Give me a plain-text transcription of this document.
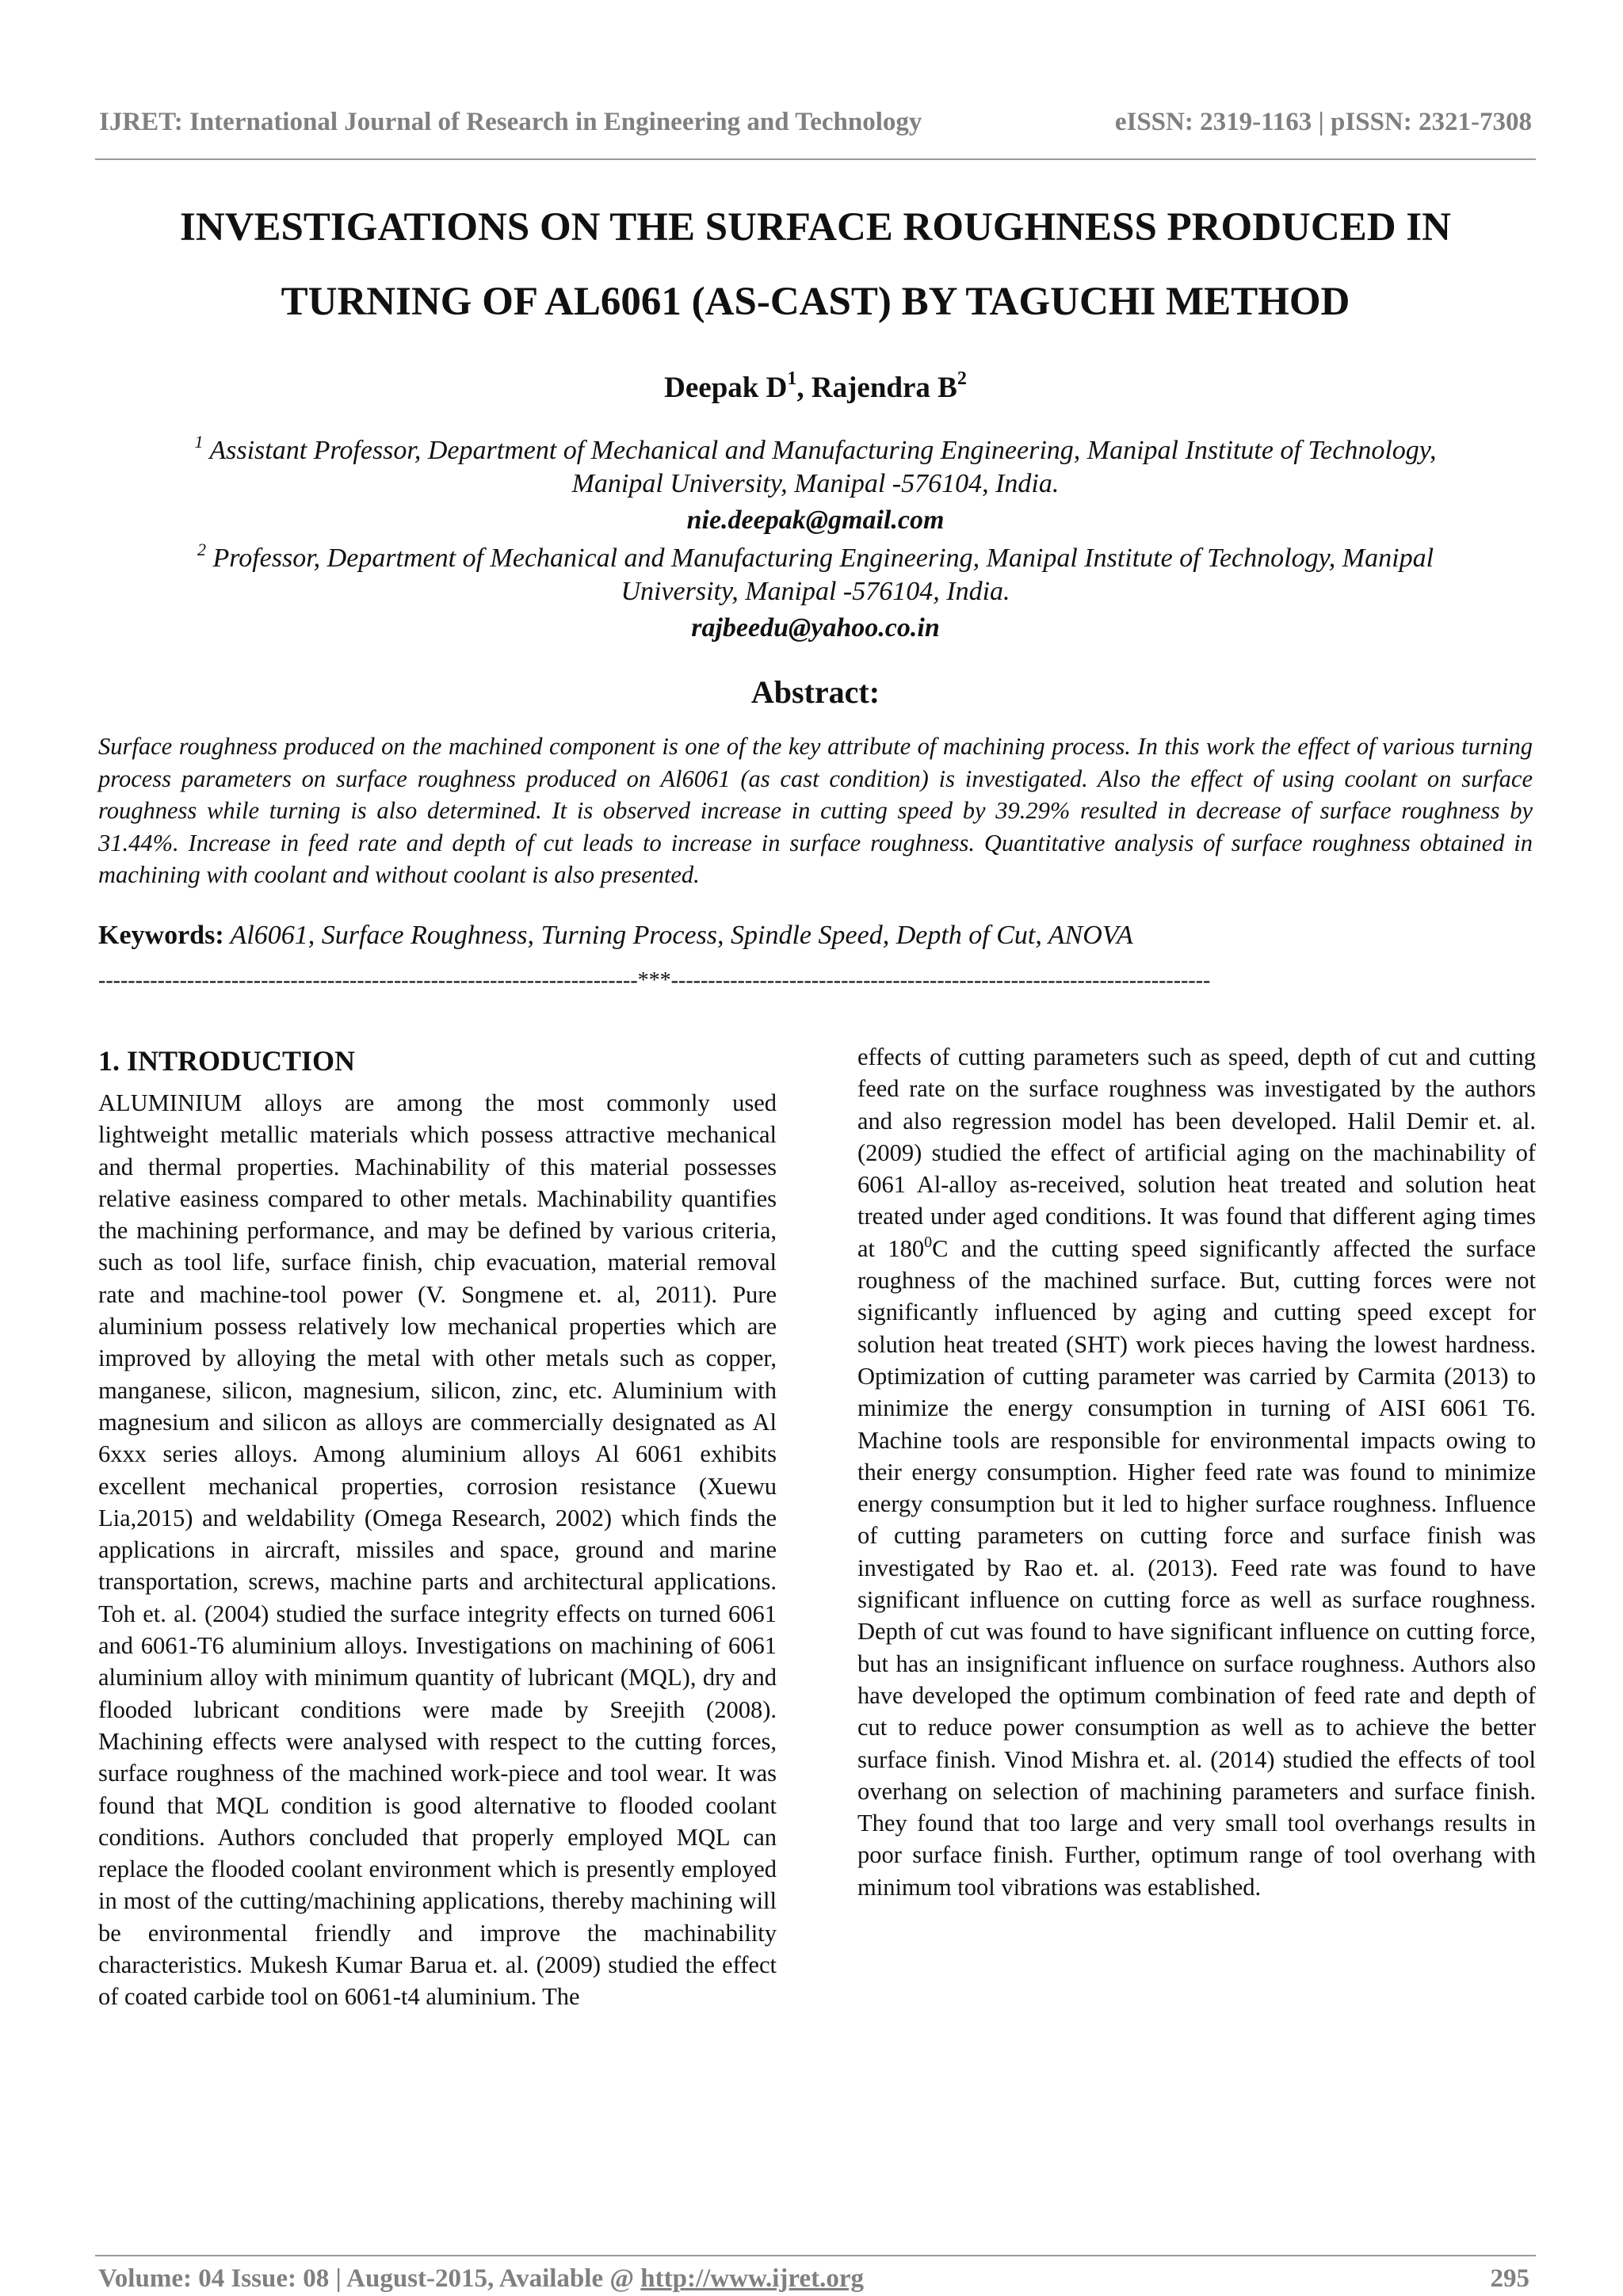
IJRET: International Journal of Research in Engineering and Technology	eISSN: 2319-1163 | pISSN: 2321-7308
INVESTIGATIONS ON THE SURFACE ROUGHNESS PRODUCED IN
TURNING OF AL6061 (AS-CAST) BY TAGUCHI METHOD
Deepak $D^1$, Rajendra $B^2$
$^1$ Assistant Professor, Department of Mechanical and Manufacturing Engineering, Manipal Institute of Technology,
Manipal University, Manipal -576104, India.
nie.deepak@gmail.com
$^2$ Professor, Department of Mechanical and Manufacturing Engineering, Manipal Institute of Technology, Manipal
University, Manipal -576104, India.
rajbeedu@yahoo.co.in
Abstract:
Surface roughness produced on the machined component is one of the key attribute of machining process. In this work the effect of various turning process parameters on surface roughness produced on Al6061 (as cast condition) is investigated. Also the effect of using coolant on surface roughness while turning is also determined. It is observed increase in cutting speed by 39.29% resulted in decrease of surface roughness by 31.44%. Increase in feed rate and depth of cut leads to increase in surface roughness. Quantitative analysis of surface roughness obtained in machining with coolant and without coolant is also presented.
Keywords: Al6061, Surface Roughness, Turning Process, Spindle Speed, Depth of Cut, ANOVA
-------------------------------------------------------------------------***-------------------------------------------------------------------------
1. INTRODUCTION

ALUMINIUM alloys are among the most commonly used lightweight metallic materials which possess attractive mechanical and thermal properties. Machinability of this material possesses relative easiness compared to other metals. Machinability quantifies the machining performance, and may be defined by various criteria, such as tool life, surface finish, chip evacuation, material removal rate and machine-tool power (V. Songmene et. al, 2011). Pure aluminium possess relatively low mechanical properties which are improved by alloying the metal with other metals such as copper, manganese, silicon, magnesium, silicon, zinc, etc. Aluminium with magnesium and silicon as alloys are commercially designated as Al 6xxx series alloys. Among aluminium alloys Al 6061 exhibits excellent mechanical properties, corrosion resistance (Xuewu Lia,2015) and weldability (Omega Research, 2002) which finds the applications in aircraft, missiles and space, ground and marine transportation, screws, machine parts and architectural applications. Toh et. al. (2004) studied the surface integrity effects on turned 6061 and 6061-T6 aluminium alloys. Investigations on machining of 6061 aluminium alloy with minimum quantity of lubricant (MQL), dry and flooded lubricant conditions were made by Sreejith (2008). Machining effects were analysed with respect to the cutting forces, surface roughness of the machined work-piece and tool wear. It was found that MQL condition is good alternative to flooded coolant conditions. Authors concluded that properly employed MQL can replace the flooded coolant environment which is presently employed in most of the cutting/machining applications, thereby machining will be environmental friendly and improve the machinability characteristics. Mukesh Kumar Barua et. al. (2009) studied the effect of coated carbide tool on 6061-t4 aluminium. The

effects of cutting parameters such as speed, depth of cut and cutting feed rate on the surface roughness was investigated by the authors and also regression model has been developed. Halil Demir et. al. (2009) studied the effect of artificial aging on the machinability of 6061 Al-alloy as-received, solution heat treated and solution heat treated under aged conditions. It was found that different aging times at $180^0C$ and the cutting speed significantly affected the surface roughness of the machined surface. But, cutting forces were not significantly influenced by aging and cutting speed except for solution heat treated (SHT) work pieces having the lowest hardness. Optimization of cutting parameter was carried by Carmita (2013) to minimize the energy consumption in turning of AISI 6061 T6. Machine tools are responsible for environmental impacts owing to their energy consumption. Higher feed rate was found to minimize energy consumption but it led to higher surface roughness. Influence of cutting parameters on cutting force and surface finish was investigated by Rao et. al. (2013). Feed rate was found to have significant influence on cutting force as well as surface roughness. Depth of cut was found to have significant influence on cutting force, but has an insignificant influence on surface roughness. Authors also have developed the optimum combination of feed rate and depth of cut to reduce power consumption as well as to achieve the better surface finish. Vinod Mishra et. al. (2014) studied the effects of tool overhang on selection of machining parameters and surface finish. They found that too large and very small tool overhangs results in poor surface finish. Further, optimum range of tool overhang with minimum tool vibrations was established.

Volume: 04 Issue: 08 | August-2015, Available @ http://www.ijret.org	295
